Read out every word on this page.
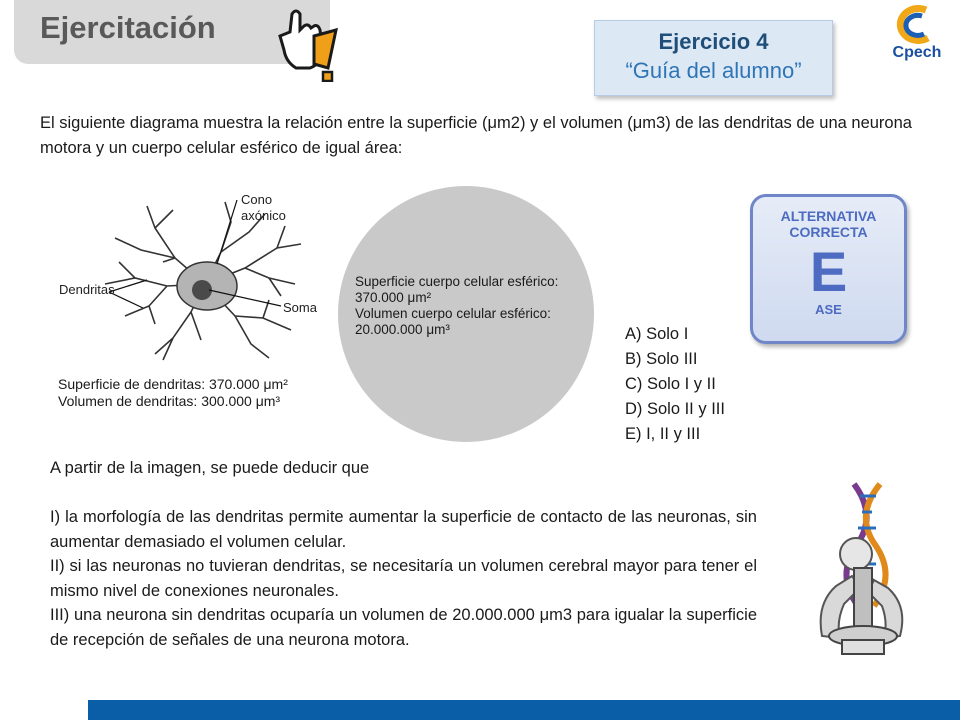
Ejercitación	Ejercicio 4
“Guía del alumno”
Cpech
El siguiente diagrama muestra la relación entre la superficie (μm2) y el volumen (μm3) de las dendritas de una neurona motora y un cuerpo celular esférico de igual área:
Cono
axónico
Dendritas
Soma
Superficie de dendritas: 370.000 μm²
Volumen de dendritas: 300.000 μm³
Superficie cuerpo celular esférico:
370.000 μm²
Volumen cuerpo celular esférico:
20.000.000 μm³
ALTERNATIVA
CORRECTA
E
ASE
A) Solo I
B) Solo III
C) Solo I y II
D) Solo II y III
E) I, II y III
A partir de la imagen, se puede deducir que

I) la morfología de las dendritas permite aumentar la superficie de contacto de las neuronas, sin aumentar demasiado el volumen celular.

II) si las neuronas no tuvieran dendritas, se necesitaría un volumen cerebral mayor para tener el mismo nivel de conexiones neuronales.

III) una neurona sin dendritas ocuparía un volumen de 20.000.000 μm3 para igualar la superficie de recepción de señales de una neurona motora.
